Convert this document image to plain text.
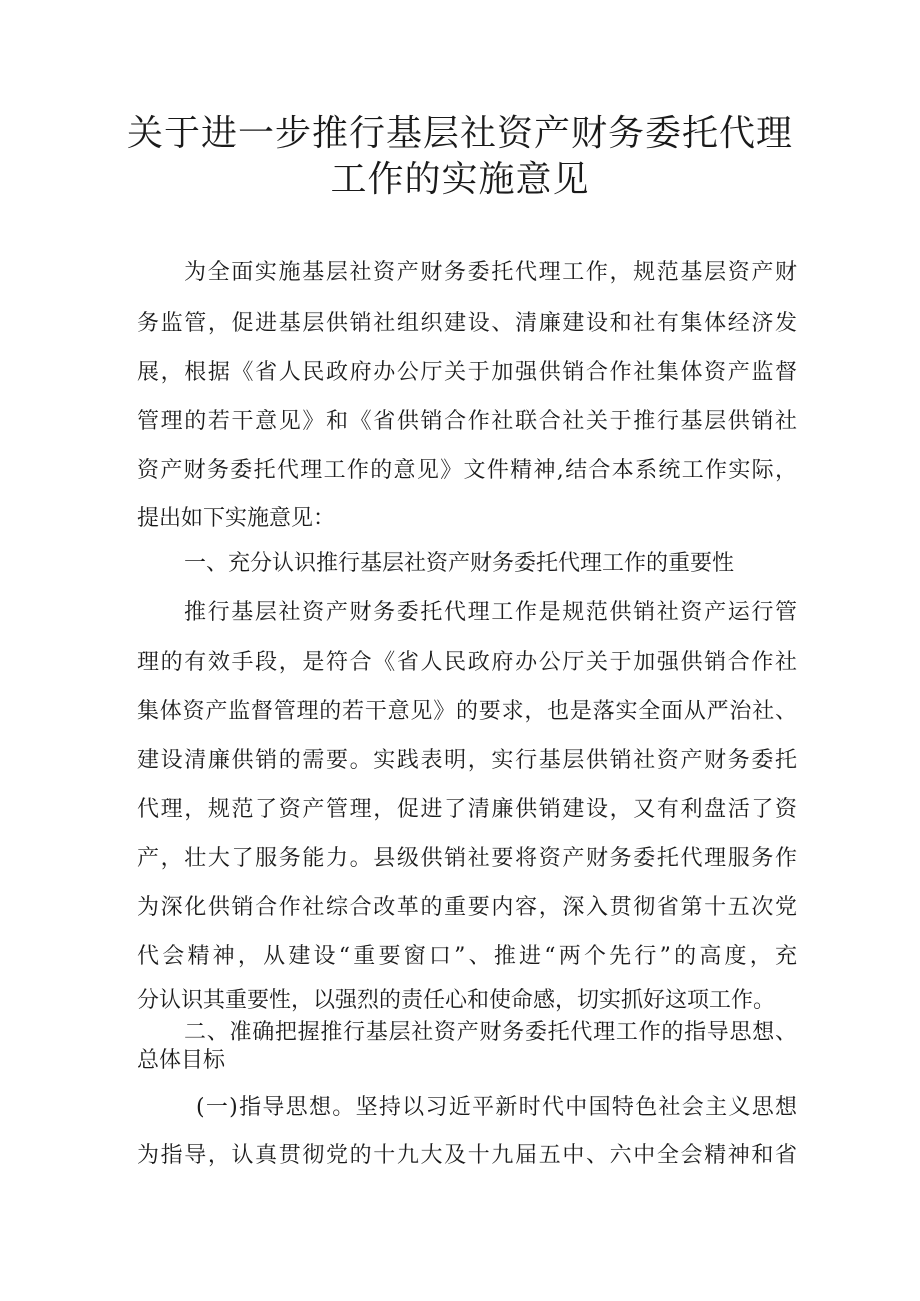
关于进一步推行基层社资产财务委托代理
工作的实施意见
为全面实施基层社资产财务委托代理工作，规范基层资产财
务监管，促进基层供销社组织建设、清廉建设和社有集体经济发
展，根据《省人民政府办公厅关于加强供销合作社集体资产监督
管理的若干意见》和《省供销合作社联合社关于推行基层供销社
资产财务委托代理工作的意见》文件精神,结合本系统工作实际，
提出如下实施意见：
一、充分认识推行基层社资产财务委托代理工作的重要性
推行基层社资产财务委托代理工作是规范供销社资产运行管
理的有效手段，是符合《省人民政府办公厅关于加强供销合作社
集体资产监督管理的若干意见》的要求，也是落实全面从严治社、
建设清廉供销的需要。实践表明，实行基层供销社资产财务委托
代理，规范了资产管理，促进了清廉供销建设，又有利盘活了资
产，壮大了服务能力。县级供销社要将资产财务委托代理服务作
为深化供销合作社综合改革的重要内容，深入贯彻省第十五次党
代会精神，从建设“重要窗口”、推进“两个先行”的高度，充
分认识其重要性，以强烈的责任心和使命感，切实抓好这项工作。
二、准确把握推行基层社资产财务委托代理工作的指导思想、
总体目标
(一)指导思想。坚持以习近平新时代中国特色社会主义思想
为指导，认真贯彻党的十九大及十九届五中、六中全会精神和省
